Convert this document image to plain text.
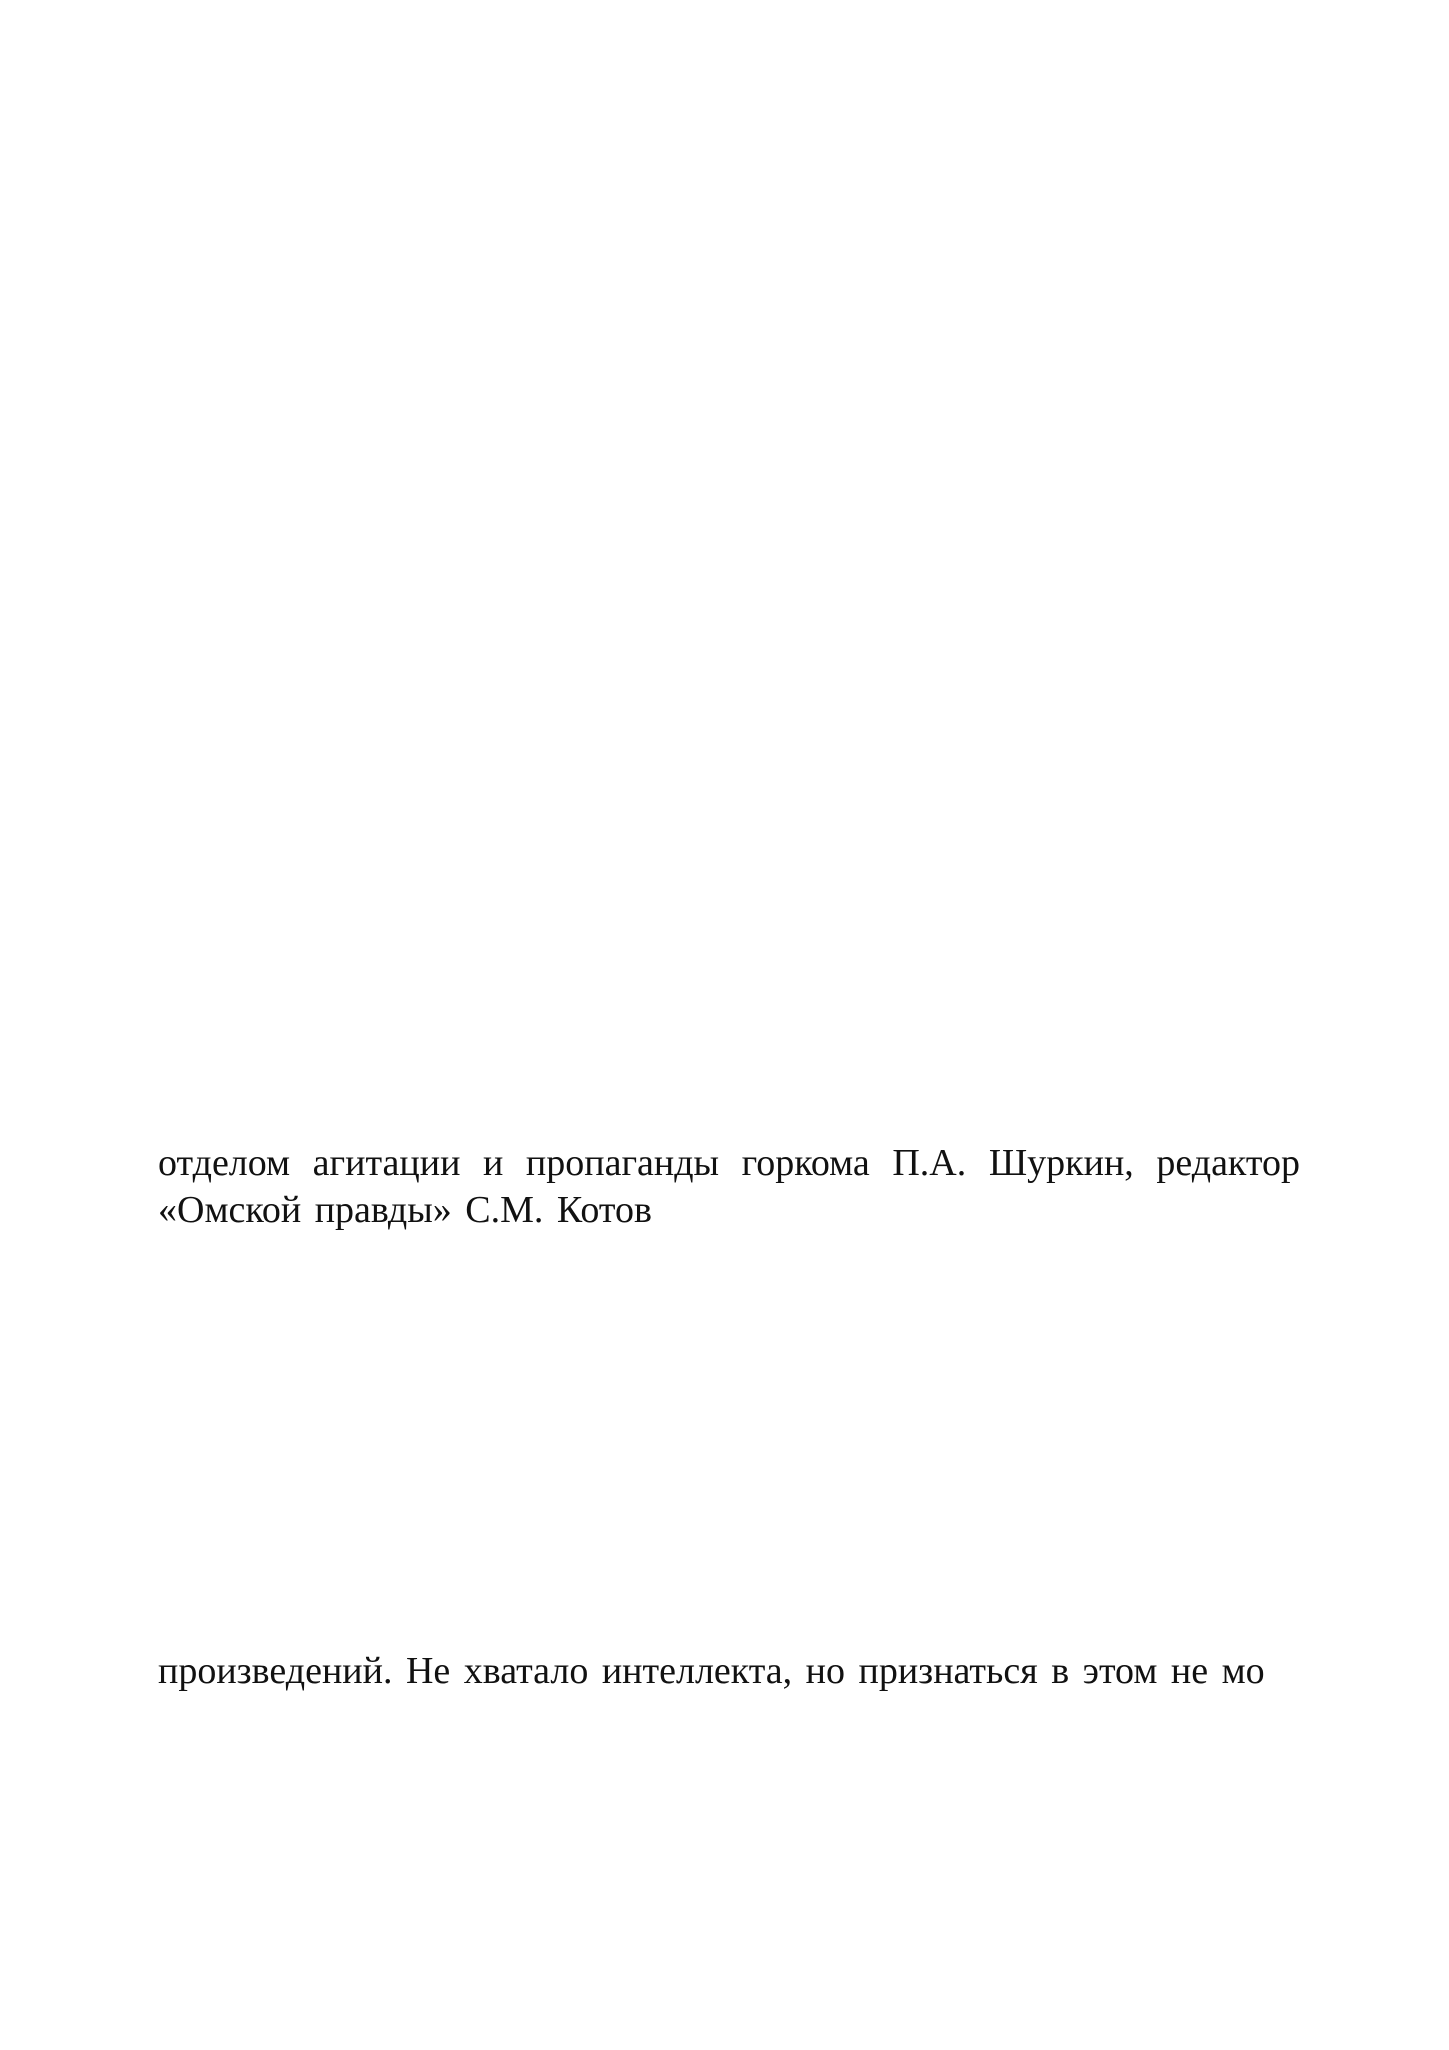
отделом агитации и пропаганды горкома П.А. Шуркин, редактор
«Омской правды» С.М. Котов
произведений. Не хватало интеллекта, но признаться в этом не мо
